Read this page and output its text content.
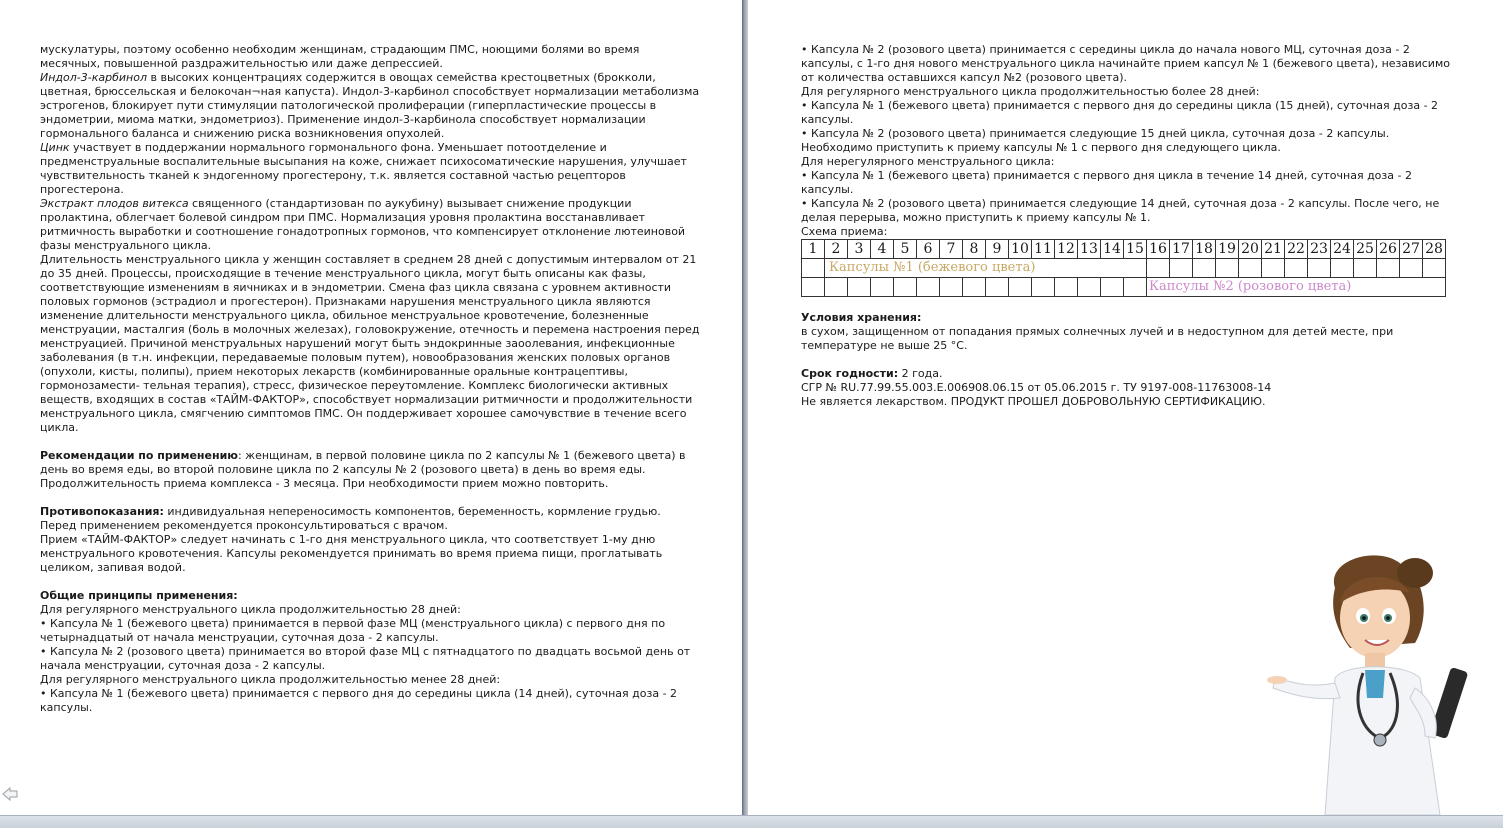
мускулатуры, поэтому особенно необходим женщинам, страдающим ПМС, ноющими болями во время месячных, повышенной раздражительностью или даже депрессией.

Индол-3-карбинол в высоких концентрациях содержится в овощах семейства крестоцветных (брокколи, цветная, брюссельская и белокочан¬ная капуста). Индол-3-карбинол способствует нормализации метаболизма эстрогенов, блокирует пути стимуляции патологической пролиферации (гиперпластические процессы в эндометрии, миома матки, эндометриоз). Применение индол-3-карбинола способствует нормализации гормонального баланса и снижению риска возникновения опухолей.

Цинк участвует в поддержании нормального гормонального фона. Уменьшает потоотделение и предменструальные воспалительные высыпания на коже, снижает психосоматические нарушения, улучшает чувствительность тканей к эндогенному прогестерону, т.к. является составной частью рецепторов прогестерона.

Экстракт плодов витекса священного (стандартизован по аукубину) вызывает снижение продукции пролактина, облегчает болевой синдром при ПМС. Нормализация уровня пролактина восстанавливает ритмичность выработки и соотношение гонадотропных гормонов, что компенсирует отклонение лютеиновой фазы менструального цикла.

Длительность менструального цикла у женщин составляет в среднем 28 дней с допустимым интервалом от 21 до 35 дней. Процессы, происходящие в течение менструального цикла, могут быть описаны как фазы, соответствующие изменениям в яичниках и в эндометрии. Смена фаз цикла связана с уровнем активности половых гормонов (эстрадиол и прогестерон). Признаками нарушения менструального цикла являются изменение длительности менструального цикла, обильное менструальное кровотечение, болезненные менструации, масталгия (боль в молочных железах), головокружение, отечность и перемена настроения перед менструацией. Причиной менструальных нарушений могут быть эндокринные заоолевания, инфекционные заболевания (в т.н. инфекции, передаваемые половым путем), новообразования женских половых органов (опухоли, кисты, полипы), прием некоторых лекарств (комбинированные оральные контрацептивы, гормонозамести- тельная терапия), стресс, физическое переутомление. Комплекс биологически активных веществ, входящих в состав «ТАЙМ-ФАКТОР», способствует нормализации ритмичности и продолжительности менструального цикла, смягчению симптомов ПМС. Он поддерживает хорошее самочувствие в течение всего цикла.

Рекомендации по применению: женщинам, в первой половине цикла по 2 капсулы № 1 (бежевого цвета) в день во время еды, во второй половине цикла по 2 капсулы № 2 (розового цвета) в день во время еды. Продолжительность приема комплекса - 3 месяца. При необходимости прием можно повторить.

Противопоказания: индивидуальная непереносимость компонентов, беременность, кормление грудью. Перед применением рекомендуется проконсультироваться с врачом.

Прием «ТАЙМ-ФАКТОР» следует начинать с 1-го дня менструального цикла, что соответствует 1-му дню менструального кровотечения. Капсулы рекомендуется принимать во время приема пищи, проглатывать целиком, запивая водой.

Общие принципы применения:

Для регулярного менструального цикла продолжительностью 28 дней:

• Капсула № 1 (бежевого цвета) принимается в первой фазе МЦ (менструального цикла) с первого дня по четырнадцатый от начала менструации, суточная доза - 2 капсулы.

• Капсула № 2 (розового цвета) принимается во второй фазе МЦ с пятнадцатого по двадцать восьмой день от начала менструации, суточная доза - 2 капсулы.

Для регулярного менструального цикла продолжительностью менее 28 дней:

• Капсула № 1 (бежевого цвета) принимается с первого дня до середины цикла (14 дней), суточная доза - 2 капсулы.

• Капсула № 2 (розового цвета) принимается с середины цикла до начала нового МЦ, суточная доза - 2 капсулы, с 1-го дня нового менструального цикла начинайте прием капсул № 1 (бежевого цвета), независимо от количества оставшихся капсул №2 (розового цвета).

Для регулярного менструального цикла продолжительностью более 28 дней:

• Капсула № 1 (бежевого цвета) принимается с первого дня до середины цикла (15 дней), суточная доза - 2 капсулы.

• Капсула № 2 (розового цвета) принимается следующие 15 дней цикла, суточная доза - 2 капсулы.

Необходимо приступить к приему капсулы № 1 с первого дня следующего цикла.

Для нерегулярного менструального цикла:

• Капсула № 1 (бежевого цвета) принимается с первого дня цикла в течение 14 дней, суточная доза - 2 капсулы.

• Капсула № 2 (розового цвета) принимается следующие 14 дней, суточная доза - 2 капсулы. После чего, не делая перерыва, можно приступить к приему капсулы № 1.

Схема приема:

1	2	3	4	5	6	7	8	9	10	11	12	13	14	15	16	17	18	19	20	21	22	23	24	25	26	27	28
	Капсулы №1 (бежевого цвета)																										
															Капсулы №2 (розового цвета)												

Условия хранения:

в сухом, защищенном от попадания прямых солнечных лучей и в недоступном для детей месте, при температуре не выше 25 °С.

Срок годности: 2 года.

СГР № RU.77.99.55.003.Е.006908.06.15 от 05.06.2015 г. ТУ 9197-008-11763008-14

Не является лекарством. ПРОДУКТ ПРОШЕЛ ДОБРОВОЛЬНУЮ СЕРТИФИКАЦИЮ.
